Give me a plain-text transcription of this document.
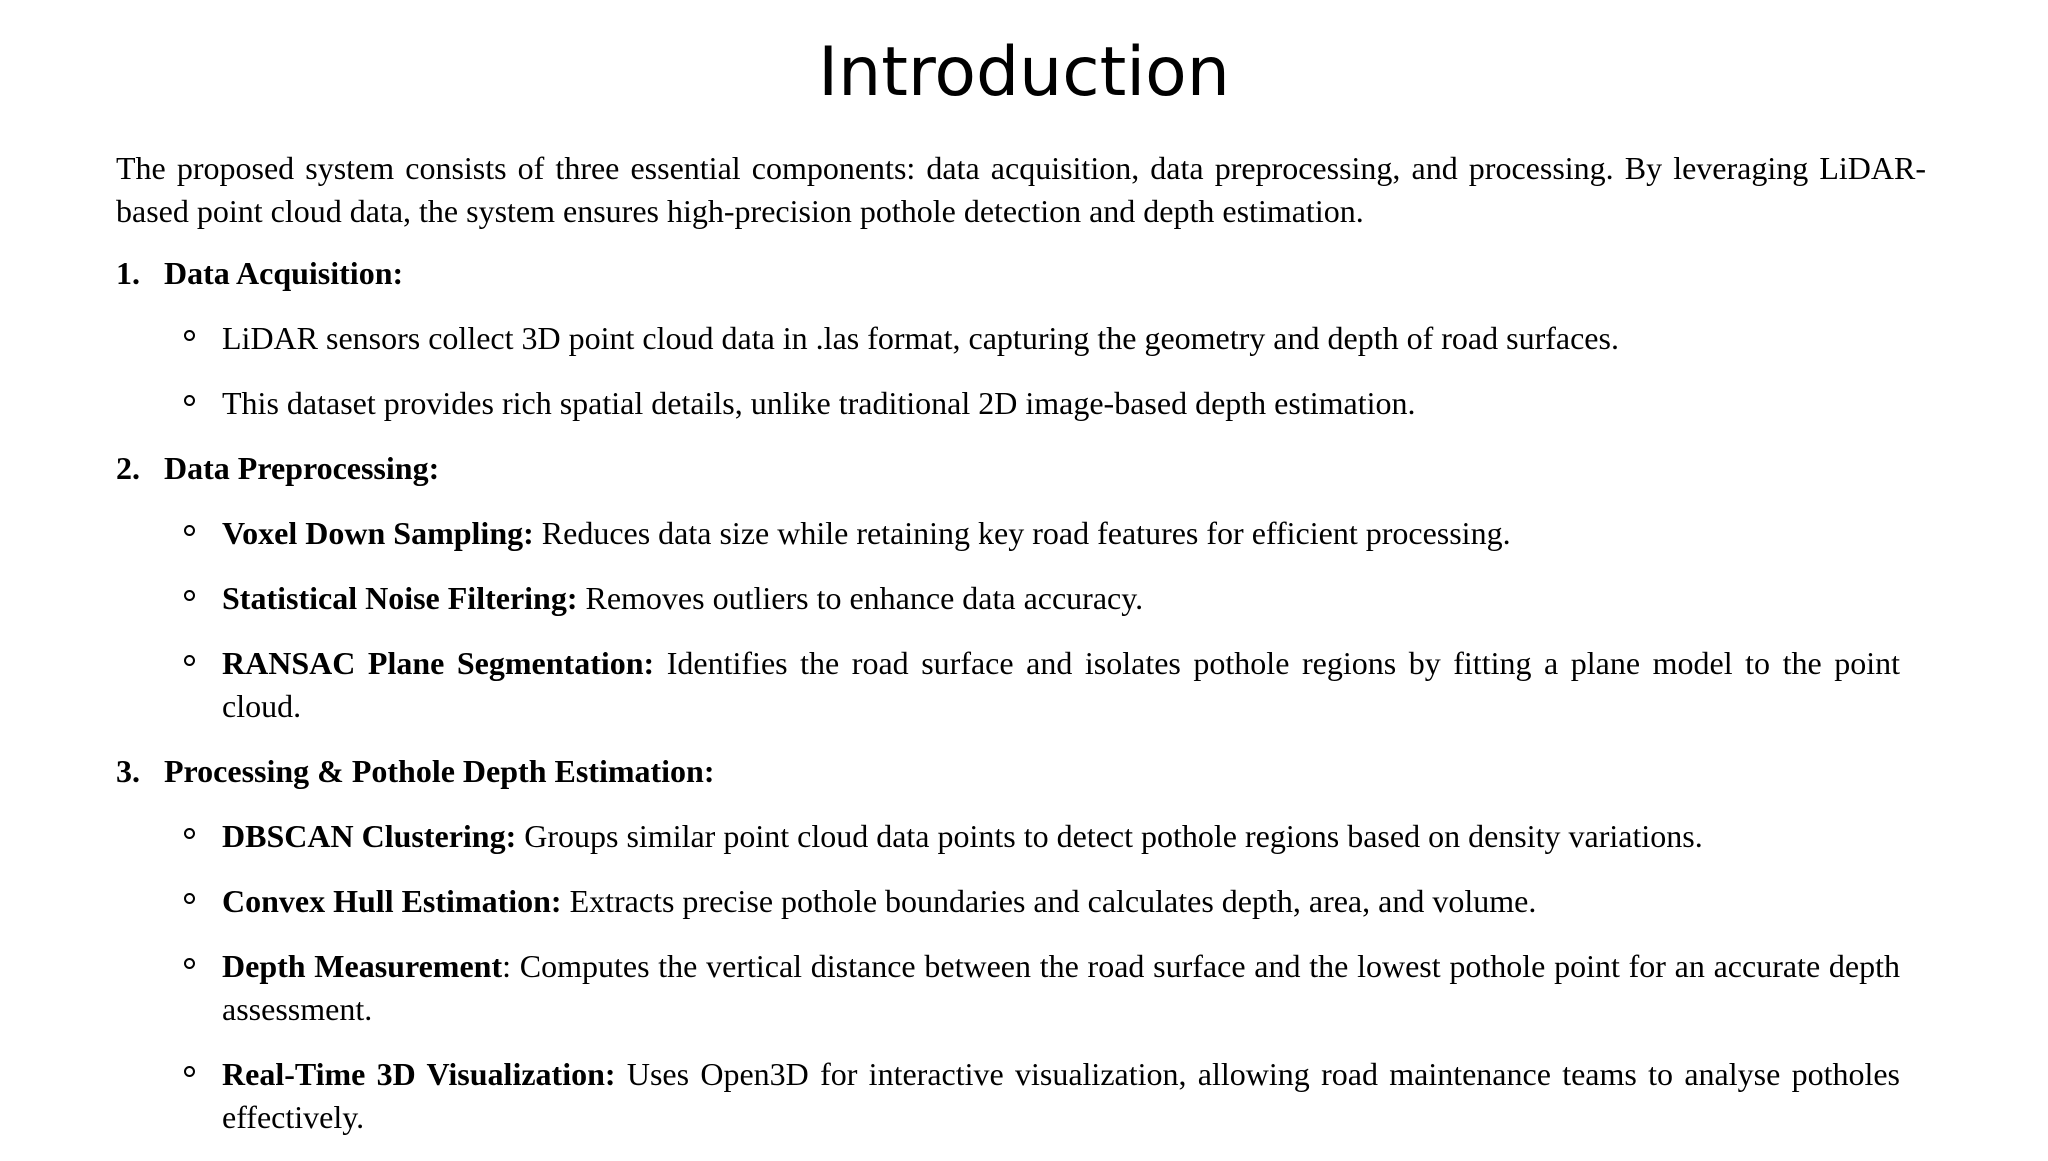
Introduction

The proposed system consists of three essential components: data acquisition, data preprocessing, and processing. By leveraging LiDAR-based point cloud data, the system ensures high-precision pothole detection and depth estimation.

1. Data Acquisition:
LiDAR sensors collect 3D point cloud data in .las format, capturing the geometry and depth of road surfaces.
This dataset provides rich spatial details, unlike traditional 2D image-based depth estimation.
2. Data Preprocessing:
Voxel Down Sampling: Reduces data size while retaining key road features for efficient processing.
Statistical Noise Filtering: Removes outliers to enhance data accuracy.
RANSAC Plane Segmentation: Identifies the road surface and isolates pothole regions by fitting a plane model to the point cloud.
3. Processing & Pothole Depth Estimation:
DBSCAN Clustering: Groups similar point cloud data points to detect pothole regions based on density variations.
Convex Hull Estimation: Extracts precise pothole boundaries and calculates depth, area, and volume.
Depth Measurement: Computes the vertical distance between the road surface and the lowest pothole point for an accurate depth assessment.
Real-Time 3D Visualization: Uses Open3D for interactive visualization, allowing road maintenance teams to analyse potholes effectively.
